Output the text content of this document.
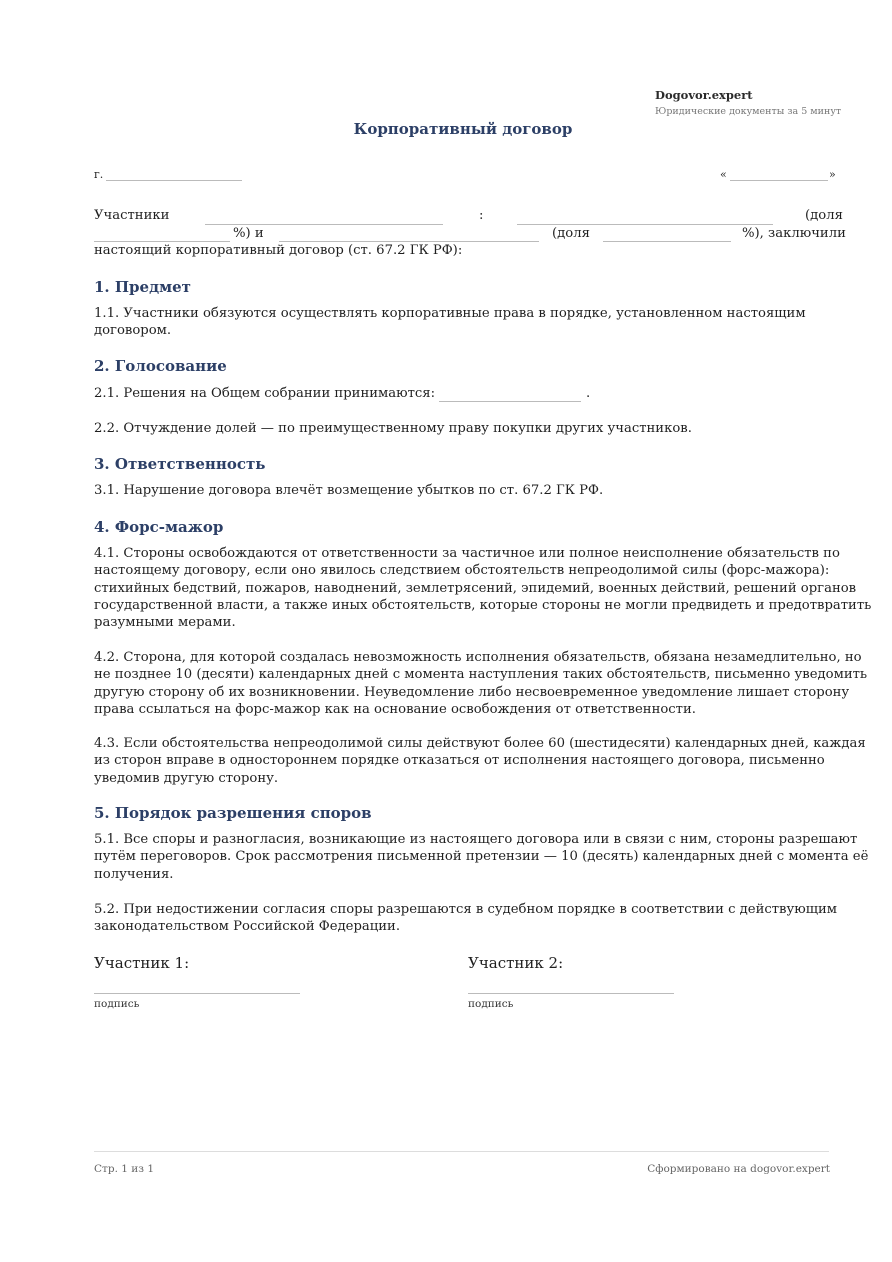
Dogovor.expert
Юридические документы за 5 минут
Корпоративный договор
г.	«	»
Участники	:	(доля
%) и	(доля	%), заключили
настоящий корпоративный договор (ст. 67.2 ГК РФ):
1. Предмет
1.1. Участники обязуются осуществлять корпоративные права в порядке, установленном настоящим договором.
2. Голосование
2.1. Решения на Общем собрании принимаются:	.
2.2. Отчуждение долей — по преимущественному праву покупки других участников.
3. Ответственность
3.1. Нарушение договора влечёт возмещение убытков по ст. 67.2 ГК РФ.
4. Форс-мажор
4.1. Стороны освобождаются от ответственности за частичное или полное неисполнение обязательств по настоящему договору, если оно явилось следствием обстоятельств непреодолимой силы (форс-мажора): стихийных бедствий, пожаров, наводнений, землетрясений, эпидемий, военных действий, решений органов государственной власти, а также иных обстоятельств, которые стороны не могли предвидеть и предотвратить разумными мерами.
4.2. Сторона, для которой создалась невозможность исполнения обязательств, обязана незамедлительно, но не позднее 10 (десяти) календарных дней с момента наступления таких обстоятельств, письменно уведомить другую сторону об их возникновении. Неуведомление либо несвоевременное уведомление лишает сторону права ссылаться на форс-мажор как на основание освобождения от ответственности.
4.3. Если обстоятельства непреодолимой силы действуют более 60 (шестидесяти) календарных дней, каждая из сторон вправе в одностороннем порядке отказаться от исполнения настоящего договора, письменно уведомив другую сторону.
5. Порядок разрешения споров
5.1. Все споры и разногласия, возникающие из настоящего договора или в связи с ним, стороны разрешают путём переговоров. Срок рассмотрения письменной претензии — 10 (десять) календарных дней с момента её получения.
5.2. При недостижении согласия споры разрешаются в судебном порядке в соответствии с действующим законодательством Российской Федерации.
Участник 1:
подпись
Участник 2:
подпись
Стр. 1 из 1	Сформировано на dogovor.expert
